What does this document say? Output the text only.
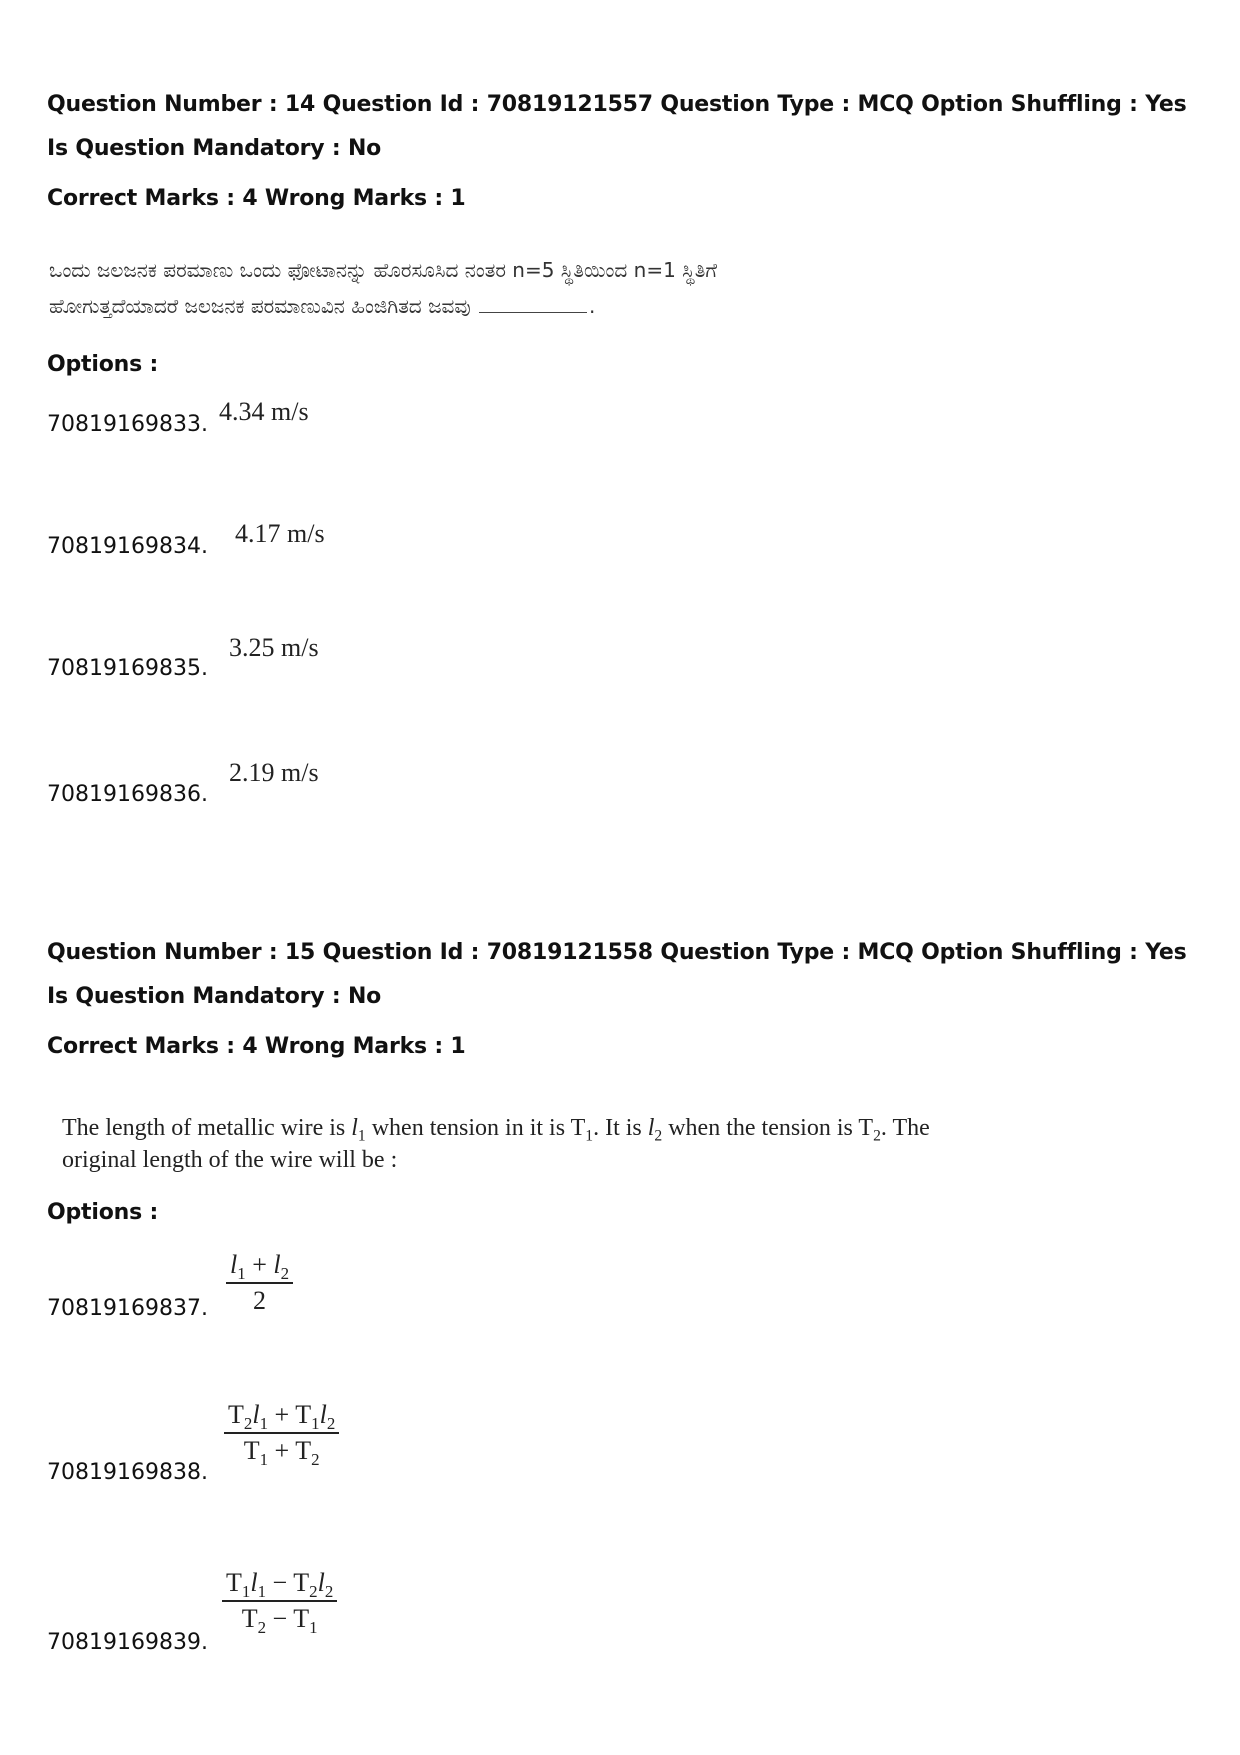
Question Number : 14 Question Id : 70819121557 Question Type : MCQ Option Shuffling : Yes
Is Question Mandatory : No
Correct Marks : 4 Wrong Marks : 1
ಒಂದು ಜಲಜನಕ ಪರಮಾಣು ಒಂದು ಫೋಟಾನನ್ನು ಹೊರಸೂಸಿದ ನಂತರ n=5 ಸ್ಥಿತಿಯಿಂದ n=1 ಸ್ಥಿತಿಗೆ
ಹೋಗುತ್ತದೆಯಾದರೆ ಜಲಜನಕ ಪರಮಾಣುವಿನ ಹಿಂಜಿಗಿತದ ಜವವು	.
Options :
70819169833. 4.34 m/s
70819169834. 4.17 m/s
70819169835.
3.25 m/s
70819169836.
2.19 m/s
Question Number : 15 Question Id : 70819121558 Question Type : MCQ Option Shuffling : Yes
Is Question Mandatory : No
Correct Marks : 4 Wrong Marks : 1
The length of metallic wire is $l_1$ when tension in it is $T_1$. It is $l_2$ when the tension is $T_2$. The
original length of the wire will be :
Options :
70819169837.
$l_1 + l_2$
2
70819169838.
$T_2l_1 + T_1l_2$
$T_1 + T_2$
70819169839.
$T_1l_1 - T_2l_2$
$T_2 - T_1$
